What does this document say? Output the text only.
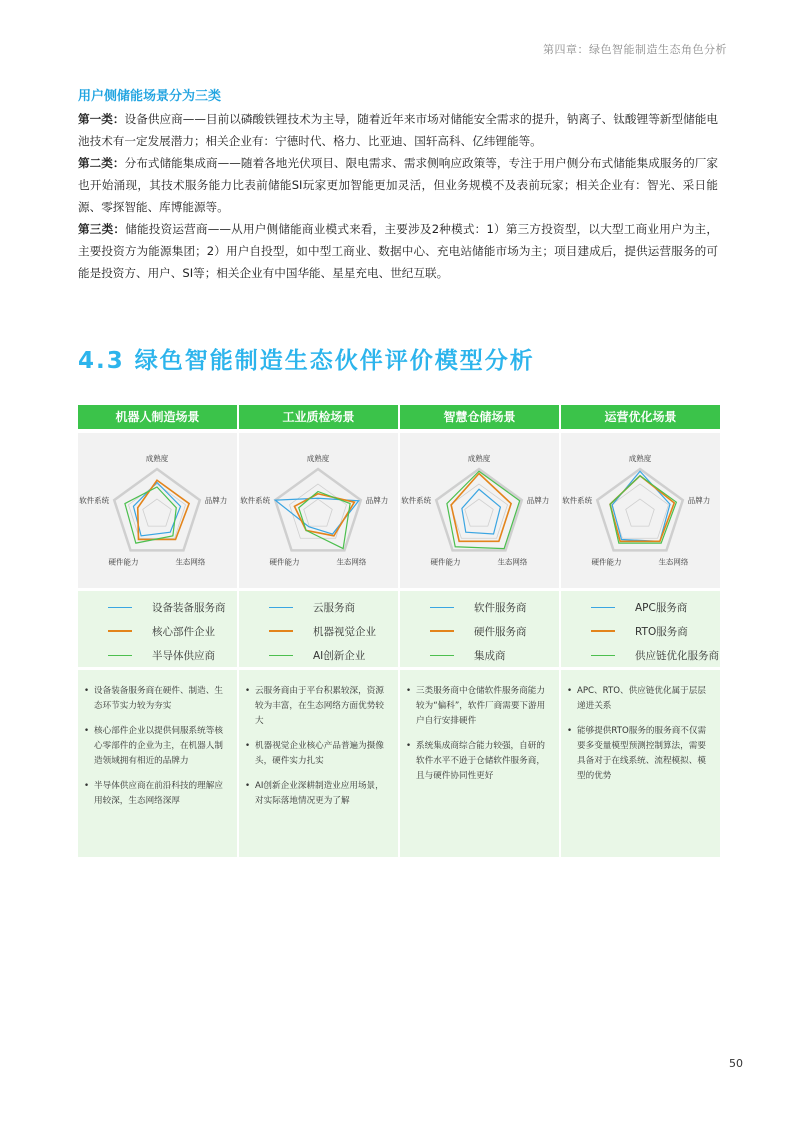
第四章：绿色智能制造生态角色分析
用户侧储能场景分为三类

第一类：设备供应商——目前以磷酸铁锂技术为主导，随着近年来市场对储能安全需求的提升，钠离子、钛酸锂等新型储能电池技术有一定发展潜力；相关企业有：宁德时代、格力、比亚迪、国轩高科、亿纬锂能等。

第二类：分布式储能集成商——随着各地光伏项目、限电需求、需求侧响应政策等，专注于用户侧分布式储能集成服务的厂家也开始涌现，其技术服务能力比表前储能SI玩家更加智能更加灵活，但业务规模不及表前玩家；相关企业有：智光、采日能源、零探智能、库博能源等。

第三类：储能投资运营商——从用户侧储能商业模式来看，主要涉及2种模式：1）第三方投资型，以大型工商业用户为主，主要投资方为能源集团；2）用户自投型，如中型工商业、数据中心、充电站储能市场为主；项目建成后，提供运营服务的可能是投资方、用户、SI等；相关企业有中国华能、星星充电、世纪互联。

4.3 绿色智能制造生态伙伴评价模型分析
机器人制造场景
成熟度
品牌力
生态网络
硬件能力
软件系统
设备装备服务商
核心部件企业
半导体供应商
• 设备装备服务商在硬件、制造、生态环节实力较为夯实
• 核心部件企业以提供伺服系统等核心零部件的企业为主，在机器人制造领域拥有相近的品牌力
• 半导体供应商在前沿科技的理解应用较深，生态网络深厚
工业质检场景
成熟度
品牌力
生态网络
硬件能力
软件系统
云服务商
机器视觉企业
AI创新企业
• 云服务商由于平台积累较深，资源较为丰富，在生态网络方面优势较大
• 机器视觉企业核心产品普遍为摄像头，硬件实力扎实
• AI创新企业深耕制造业应用场景，对实际落地情况更为了解
智慧仓储场景
成熟度
品牌力
生态网络
硬件能力
软件系统
软件服务商
硬件服务商
集成商
• 三类服务商中仓储软件服务商能力较为“偏科”，软件厂商需要下游用户自行安排硬件
• 系统集成商综合能力较强，自研的软件水平不逊于仓储软件服务商，且与硬件协同性更好
运营优化场景
成熟度
品牌力
生态网络
硬件能力
软件系统
APC服务商
RTO服务商
供应链优化服务商
• APC、RTO、供应链优化属于层层递进关系
• 能够提供RTO服务的服务商不仅需要多变量模型预测控制算法，需要具备对于在线系统、流程模拟、模型的优势
50
